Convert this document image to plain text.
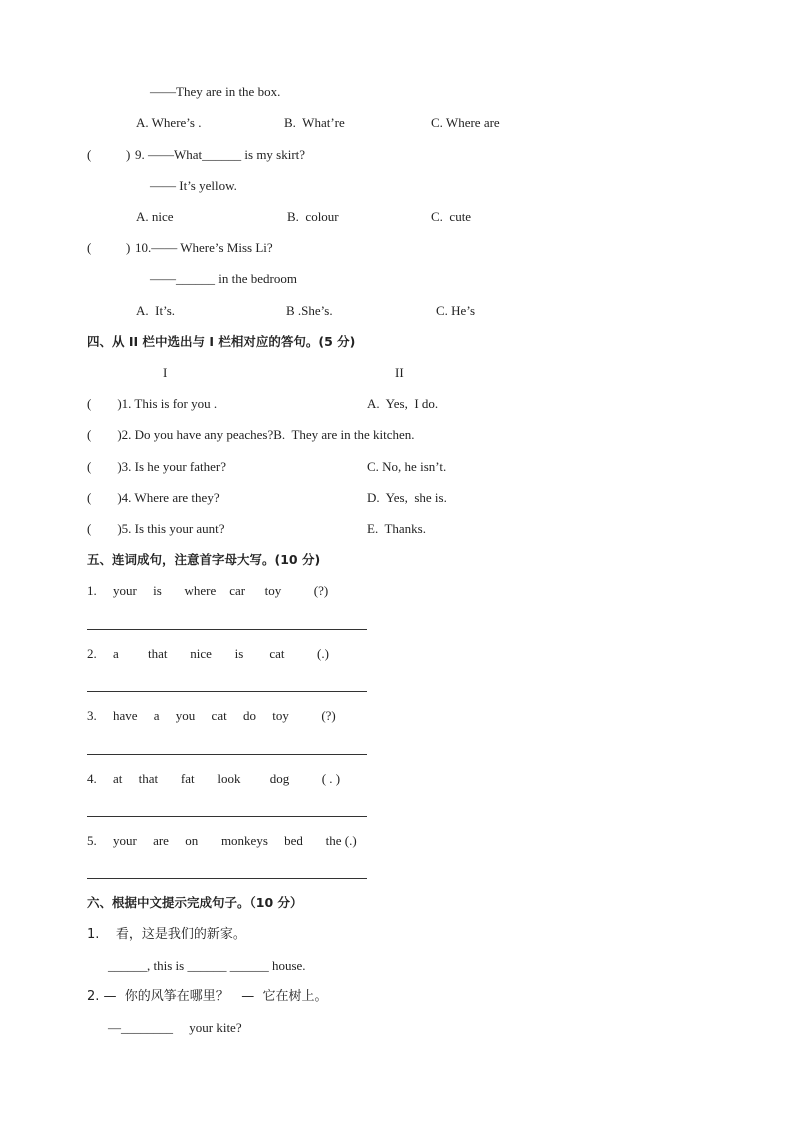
——They are in the box.
A. Where’s .	B.  What’re	C. Where are
(	) 9. ——What______ is my skirt?
—— It’s yellow.
A. nice	B.  colour	C.  cute
(	) 10.—— Where’s Miss Li?
——______ in the bedroom
A.  It’s.	B .She’s.	C. He’s
四、从 II 栏中选出与 I 栏相对应的答句。(5 分)
I	II
(        )1. This is for you .	A.  Yes,  I do.
(        )2. Do you have any peaches?B.  They are in the kitchen.
(        )3. Is he your father?	C. No, he isn’t.
(        )4. Where are they?	D.  Yes,  she is.
(        )5. Is this your aunt?	E.  Thanks.
五、连词成句，注意首字母大写。(10 分)
1.     your     is       where    car      toy          (?)
2.     a         that       nice       is        cat          (.)
3.     have     a     you     cat     do     toy          (?)
4.     at     that       fat       look         dog          ( . )
5.     your     are     on       monkeys     bed       the (.)
六、根据中文提示完成句子。（10 分）
1.    看，这是我们的新家。
______, this is ______ ______ house.
2. —  你的风筝在哪里？   —  它在树上。
—________     your kite?
